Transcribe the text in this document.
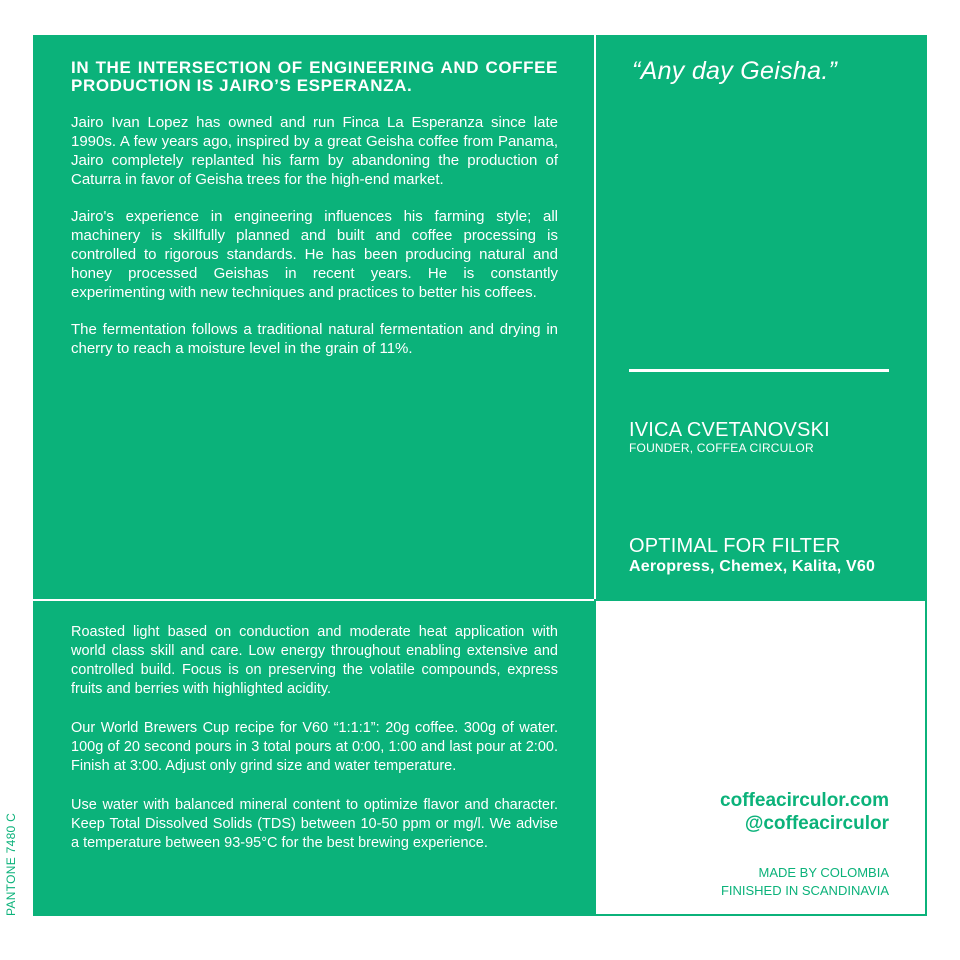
IN THE INTERSECTION OF ENGINEERING AND COFFEE PRODUCTION IS JAIRO’S ESPERANZA.

Jairo Ivan Lopez has owned and run Finca La Esperanza since late 1990s. A few years ago, inspired by a great Geisha coffee from Panama, Jairo completely replanted his farm by abandoning the production of Caturra in favor of Geisha trees for the high-end market.

Jairo's experience in engineering influences his farming style; all machinery is skillfully planned and built and coffee processing is controlled to rigorous standards. He has been producing natural and honey processed Geishas in recent years. He is constantly experimenting with new techniques and practices to better his coffees.

The fermentation follows a traditional natural fermentation and drying in cherry to reach a moisture level in the grain of 11%.

“Any day Geisha.”
IVICA CVETANOVSKI
FOUNDER, COFFEA CIRCULOR
OPTIMAL FOR FILTER
Aeropress, Chemex, Kalita, V60

Roasted light based on conduction and moderate heat application with world class skill and care. Low energy throughout enabling extensive and controlled build. Focus is on preserving the volatile compounds, express fruits and berries with highlighted acidity.

Our World Brewers Cup recipe for V60 “1:1:1”: 20g coffee. 300g of water. 100g of 20 second pours in 3 total pours at 0:00, 1:00 and last pour at 2:00. Finish at 3:00. Adjust only grind size and water temperature.

Use water with balanced mineral content to optimize flavor and character. Keep Total Dissolved Solids (TDS) between 10-50 ppm or mg/l. We advise a temperature between 93-95°C for the best brewing experience.

coffeacirculor.com
@coffeacirculor
MADE BY COLOMBIA
FINISHED IN SCANDINAVIA
PANTONE 7480 C
